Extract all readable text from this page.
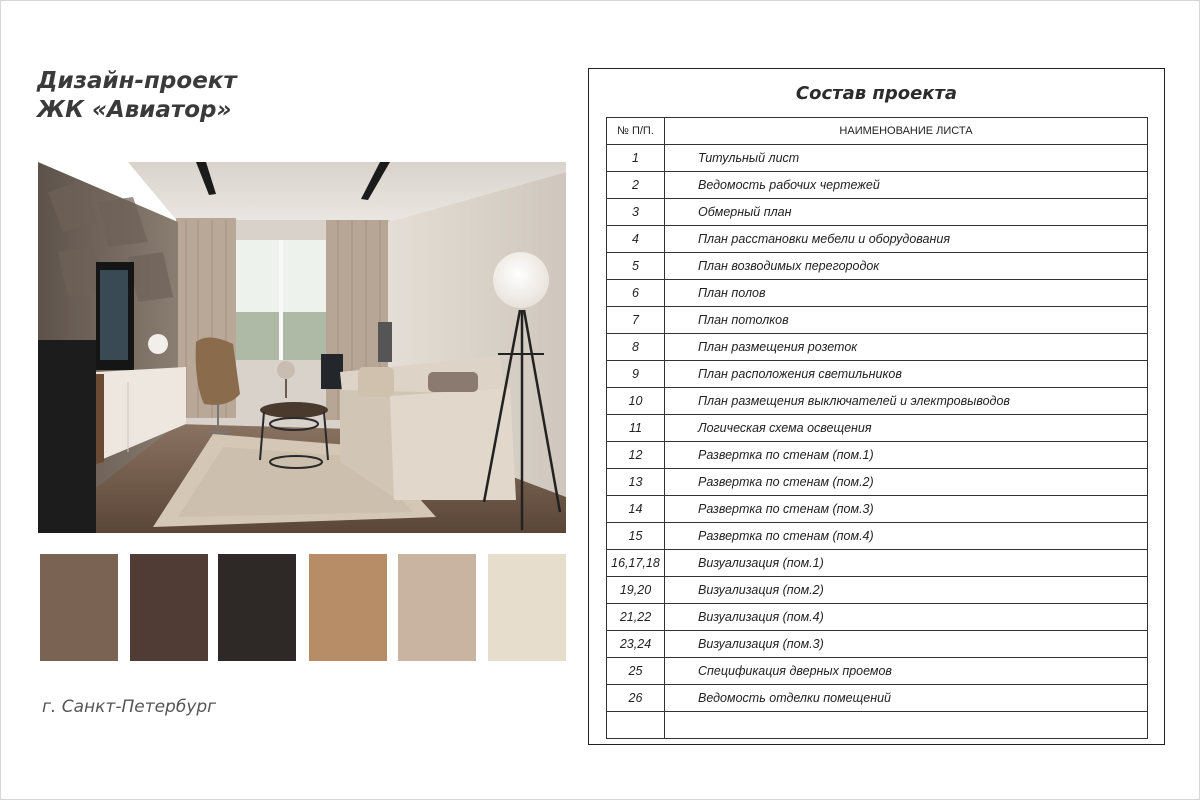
Дизайн-проект
ЖК «Авиатор»
г. Санкт-Петербург
Состав проекта
№ П/П.	НАИМЕНОВАНИЕ ЛИСТА
1	Титульный лист
2	Ведомость рабочих чертежей
3	Обмерный план
4	План расстановки мебели и оборудования
5	План возводимых перегородок
6	План полов
7	План потолков
8	План размещения розеток
9	План расположения светильников
10	План размещения выключателей и электровыводов
11	Логическая схема освещения
12	Развертка по стенам (пом.1)
13	Развертка по стенам (пом.2)
14	Развертка по стенам (пом.3)
15	Развертка по стенам (пом.4)
16,17,18	Визуализация (пом.1)
19,20	Визуализация (пом.2)
21,22	Визуализация (пом.4)
23,24	Визуализация (пом.3)
25	Спецификация дверных проемов
26	Ведомость отделки помещений
